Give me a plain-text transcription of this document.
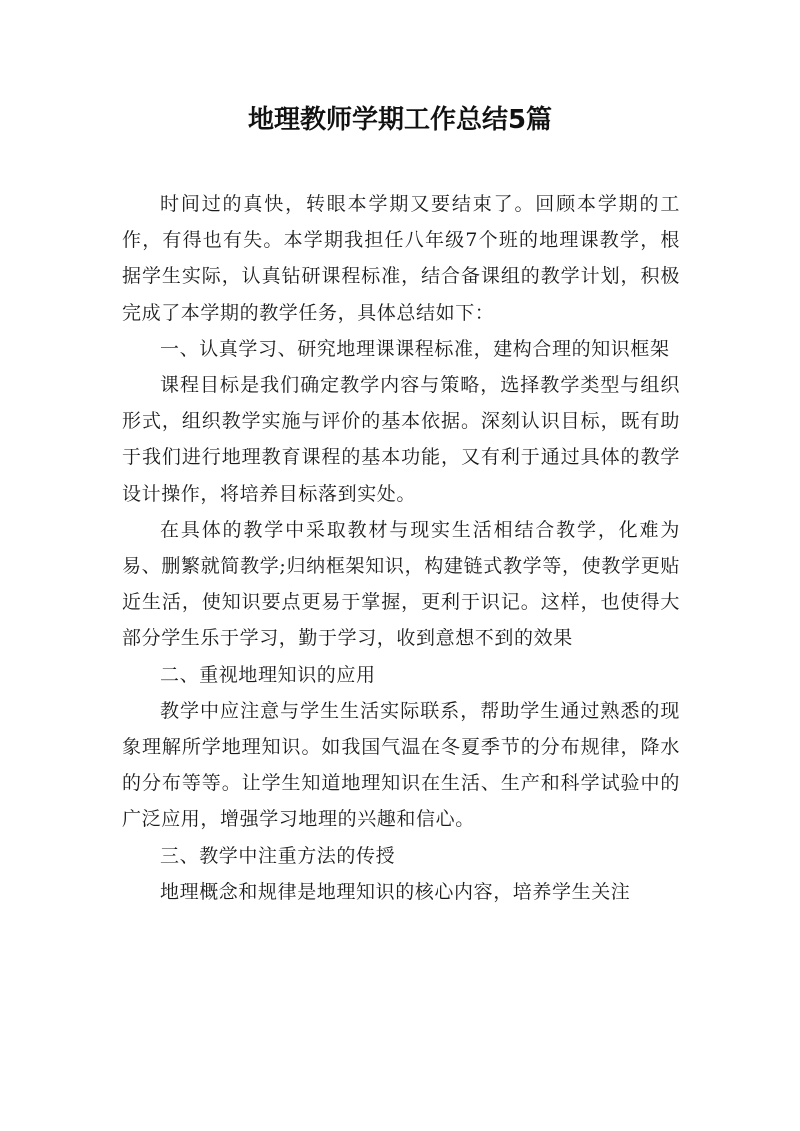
地理教师学期工作总结5篇

时间过的真快，转眼本学期又要结束了。回顾本学期的工作，有得也有失。本学期我担任八年级7个班的地理课教学，根据学生实际，认真钻研课程标准，结合备课组的教学计划，积极完成了本学期的教学任务，具体总结如下：

一、认真学习、研究地理课课程标准，建构合理的知识框架

课程目标是我们确定教学内容与策略，选择教学类型与组织形式，组织教学实施与评价的基本依据。深刻认识目标，既有助于我们进行地理教育课程的基本功能，又有利于通过具体的教学设计操作，将培养目标落到实处。

在具体的教学中采取教材与现实生活相结合教学，化难为易、删繁就简教学;归纳框架知识，构建链式教学等，使教学更贴近生活，使知识要点更易于掌握，更利于识记。这样，也使得大部分学生乐于学习，勤于学习，收到意想不到的效果

二、重视地理知识的应用

教学中应注意与学生生活实际联系，帮助学生通过熟悉的现象理解所学地理知识。如我国气温在冬夏季节的分布规律，降水的分布等等。让学生知道地理知识在生活、生产和科学试验中的广泛应用，增强学习地理的兴趣和信心。

三、教学中注重方法的传授

地理概念和规律是地理知识的核心内容，培养学生关注
